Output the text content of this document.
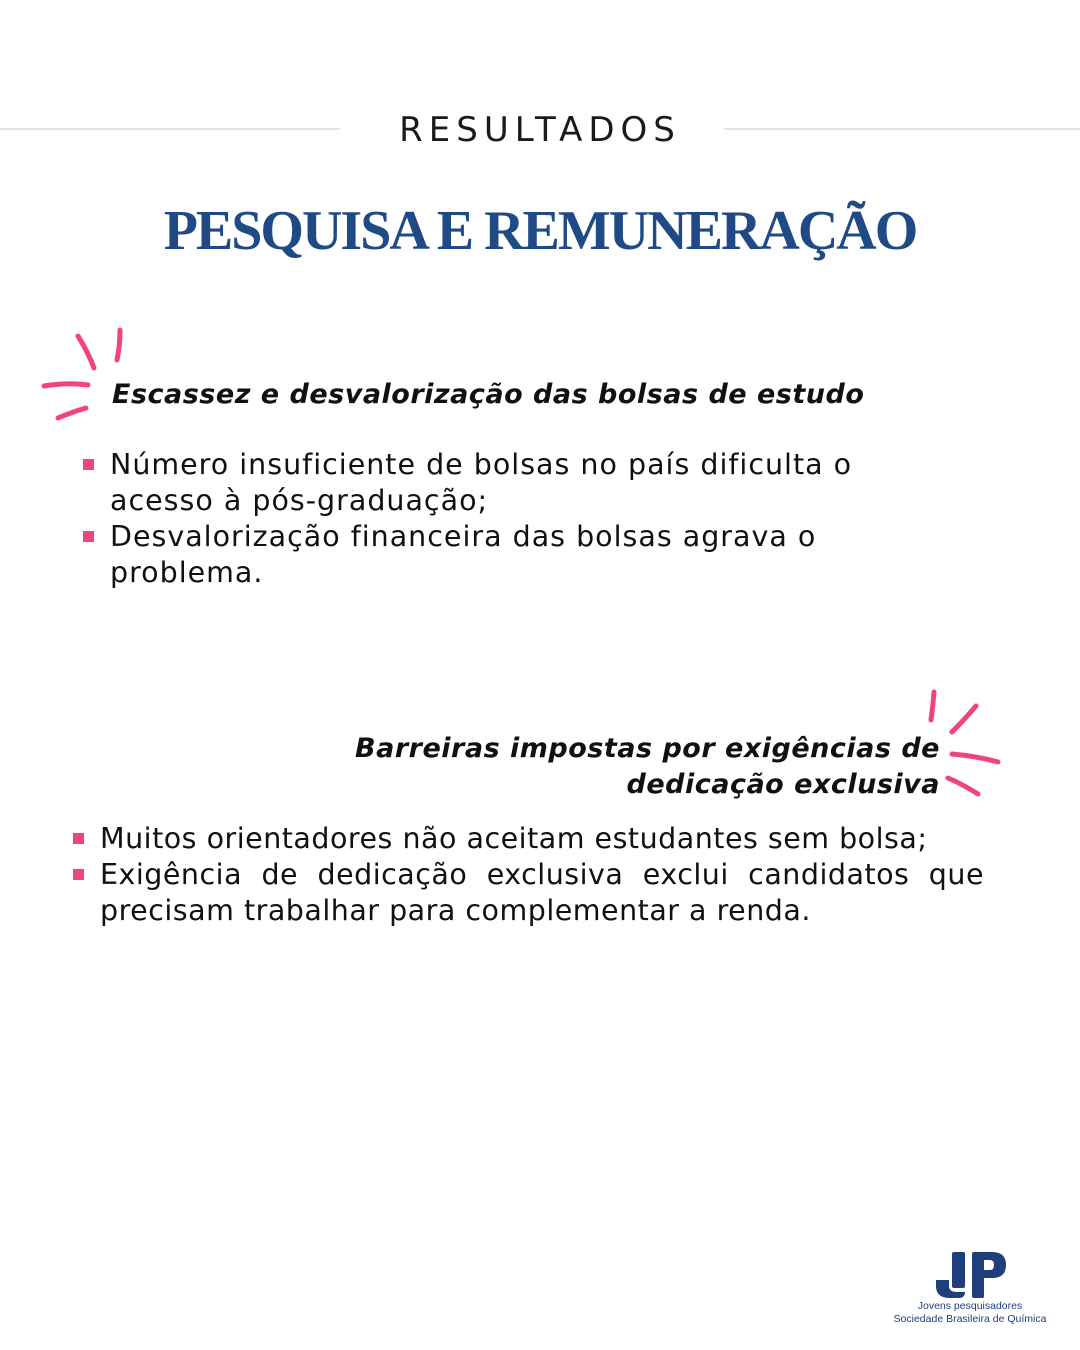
RESULTADOS
PESQUISA E REMUNERAÇÃO
Escassez e desvalorização das bolsas de estudo
Número insuficiente de bolsas no país dificulta o acesso à pós-graduação;
Desvalorização financeira das bolsas agrava o problema.
Barreiras impostas por exigências de
dedicação exclusiva
Muitos orientadores não aceitam estudantes sem bolsa;
Exigência de dedicação exclusiva exclui candidatos que precisam trabalhar para complementar a renda.
Jovens pesquisadores
Sociedade Brasileira de Química
